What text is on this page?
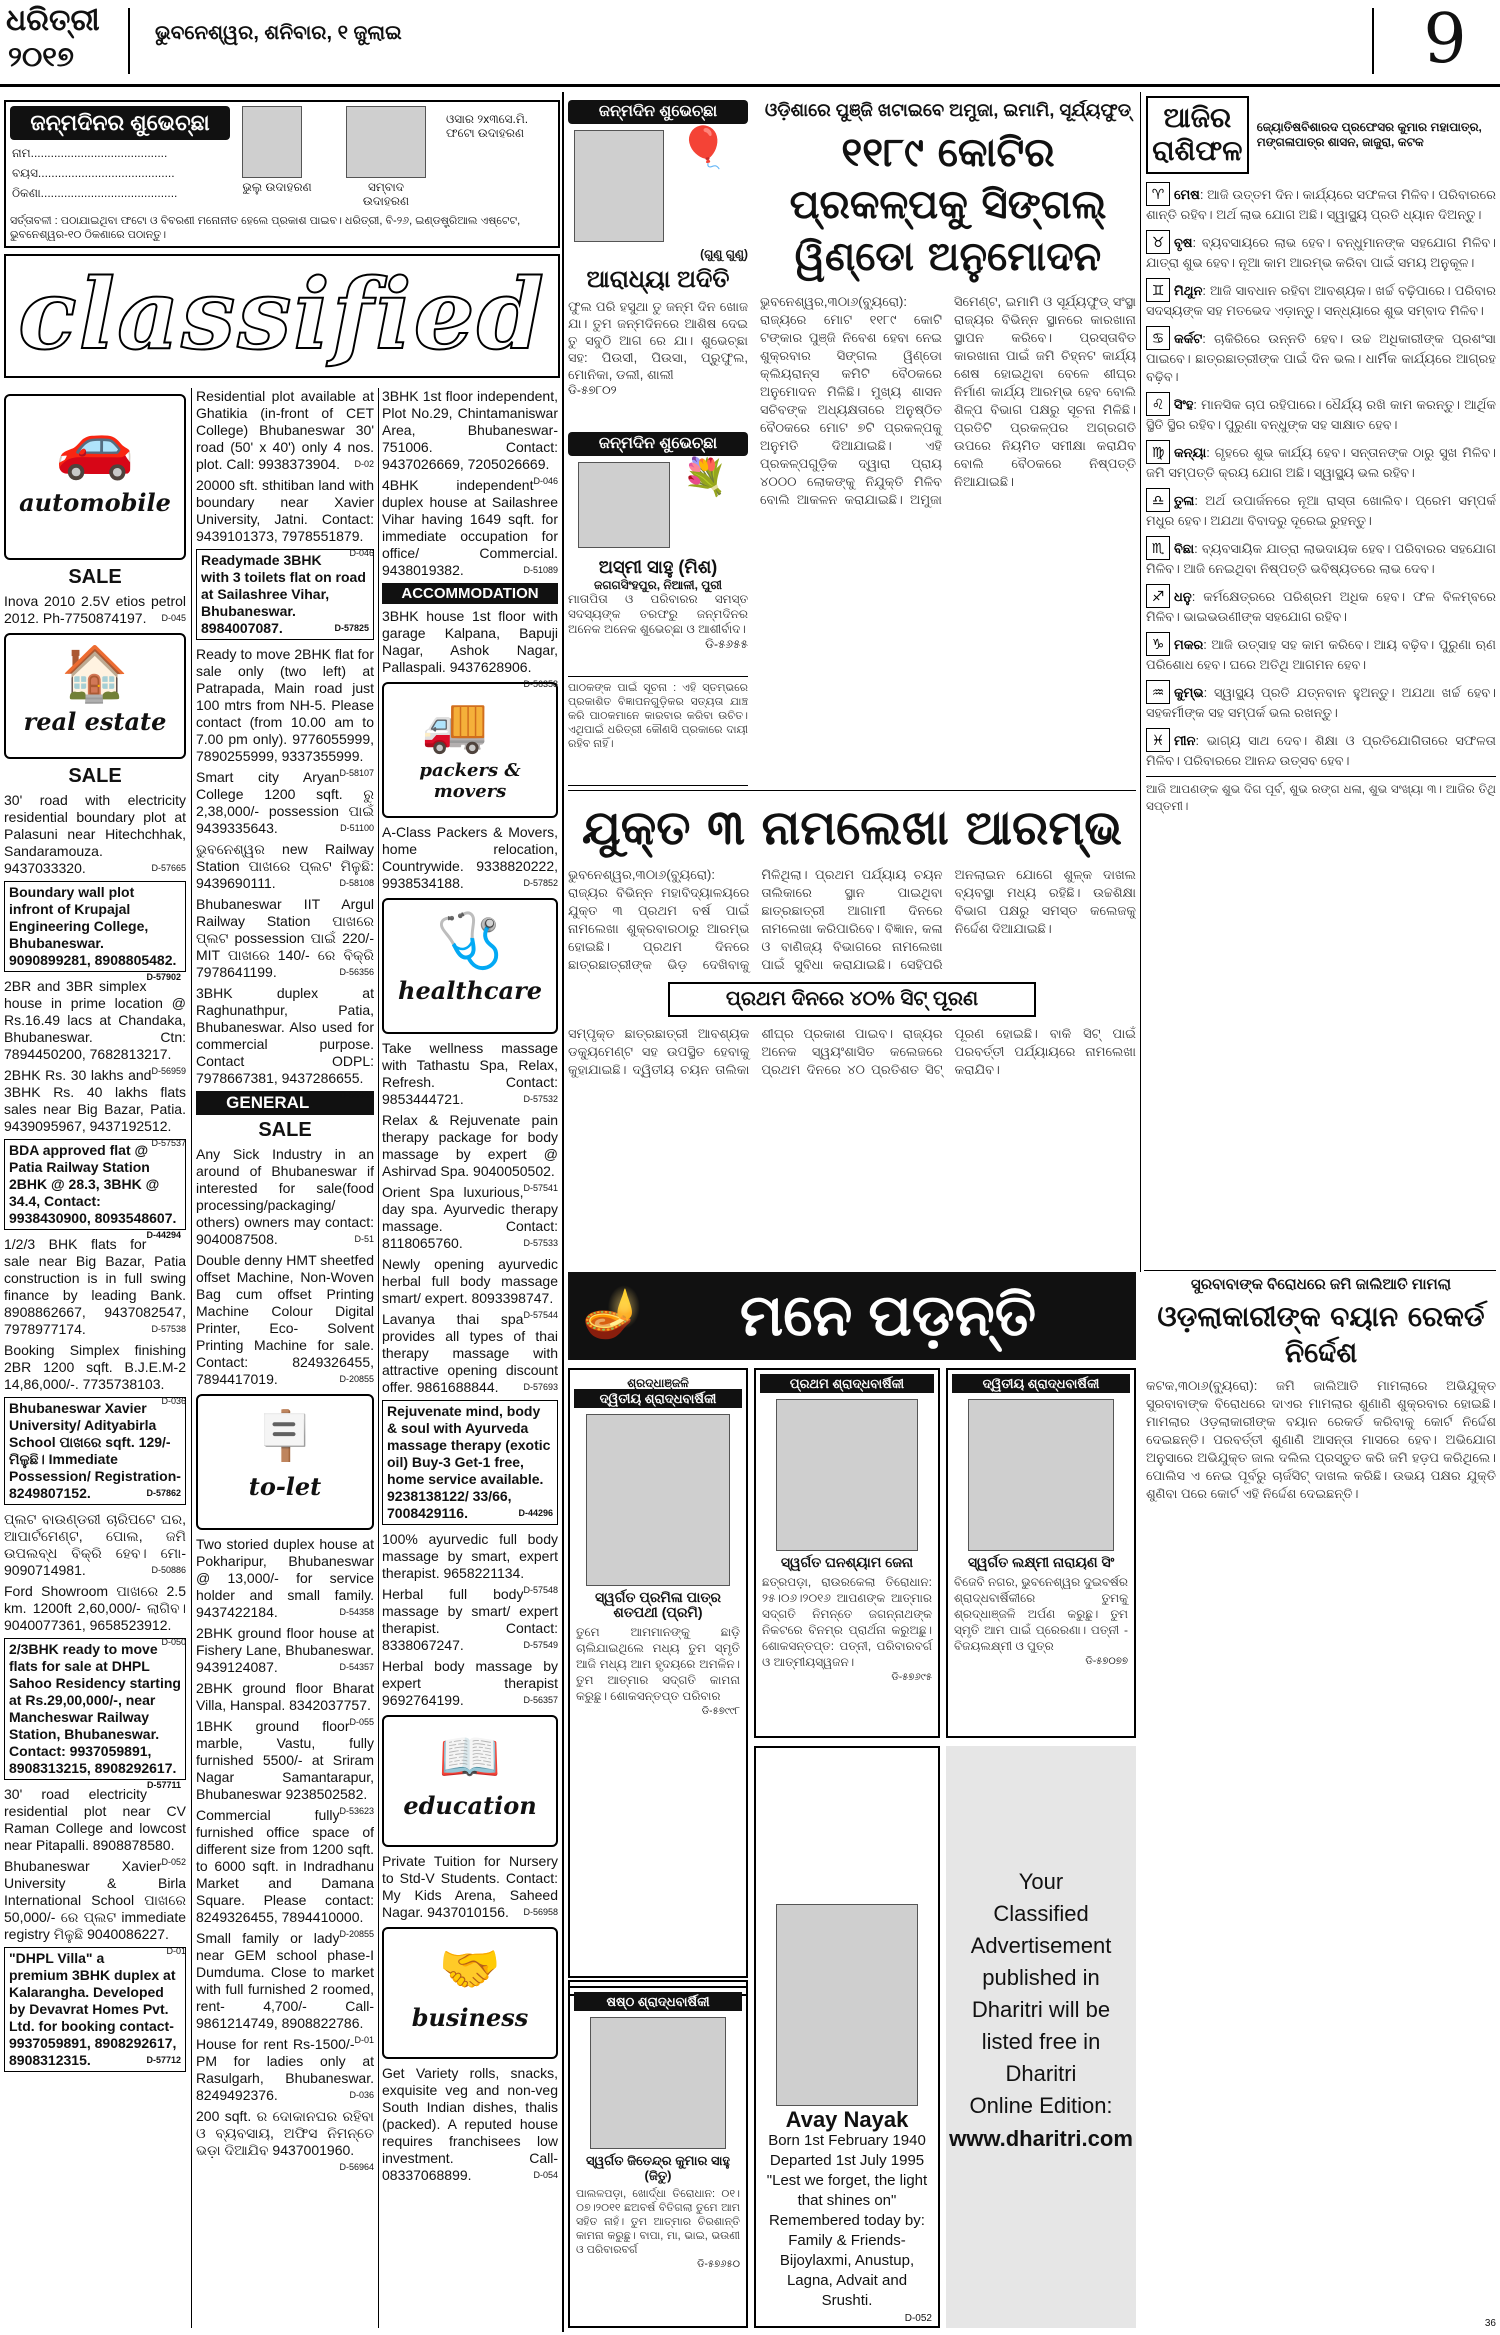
ଧରିତ୍ରୀ
୨୦୧୭
ଭୁବନେଶ୍ୱର, ଶନିବାର, ୧ ଜୁଲାଇ	9
ଜନ୍ମଦିନର ଶୁଭେଚ୍ଛା
ନାମ.........................................
ବୟସ.........................................
ଠିକଣା.........................................	ଭୁଲୁ ଉଦାହରଣ	ସମ୍ବାଦ ଉଦାହରଣ
ଓସାର ୨x୩ସେ.ମି. ଫଟୋ ଉଦାହରଣ
ସର୍ତ୍ତାବଳୀ : ପଠାଯାଇଥିବା ଫଟୋ ଓ ବିବରଣୀ ମନୋନୀତ ହେଲେ ପ୍ରକାଶ ପାଇବ। ଧରିତ୍ରୀ, ବି-୨୬, ଇଣ୍ଡଷ୍ଟ୍ରିଆଲ ଏଷ୍ଟେଟ, ଭୁବନେଶ୍ୱର-୧୦ ଠିକଣାରେ ପଠାନ୍ତୁ।
classified
🚗
automobile
SALE
Inova 2010 2.5V etios petrol 2012. Ph-7750874197. D-045
🏠
real estate
SALE
30' road with electricity residential boundary plot at Palasuni near Hitechchhak, Sandaramouza. 9437033320.	D-57665
Boundary wall plot infront of Krupajal Engineering College, Bhubaneswar. 9090899281, 8908805482.
D-57902
2BR and 3BR simplex house in prime location @ Rs.16.49 lacs at Chandaka, Bhubaneswar. Ctn: 7894450200, 7682813217.
D-56959
2BHK Rs. 30 lakhs and 3BHK Rs. 40 lakhs flats sales near Big Bazar, Patia. 9439095967, 9437192512.
D-57537
BDA approved flat @ Patia Railway Station 2BHK @ 28.3, 3BHK @ 34.4, Contact: 9938430900, 8093548607.
D-44294
1/2/3 BHK flats for sale near Big Bazar, Patia construction is in full swing finance by leading Bank. 8908862667, 9437082547, 7978977174.	D-57538
Booking Simplex finishing 2BR 1200 sqft. B.J.E.M-2 14,86,000/-. 7735738103.
D-036
Bhubaneswar Xavier University/ Adityabirla School ପାଖରେ sqft. 129/- ମିଳୁଛି। Immediate Possession/ Registration- 8249807152.	D-57862
ପ୍ଲଟ ବାଉଣ୍ଡରୀ ଚାରିପଟେ ଘର, ଆପାର୍ଟମେଣ୍ଟ, ପୋଲ, ଜମି ଉପଲବ୍ଧ ବିକ୍ରି ହେବ। ମୋ- 9090714981.	D-50886
Ford Showroom ପାଖରେ 2.5 km. 1200ft 2,60,000/- ଲାଗିବ। 9040077361, 9658523912.
D-050
2/3BHK ready to move flats for sale at DHPL Sahoo Residency starting at Rs.29,00,000/-, near Mancheswar Railway Station, Bhubaneswar. Contact: 9937059891, 8908313215, 8908292617.
D-57711
30' road electricity residential plot near CV Raman College and lowcost near Pitapalli. 8908878580.
D-052
Bhubaneswar Xavier University & Birla International School ପାଖରେ 50,000/- ରେ ପ୍ଲଟ immediate registry ମିଳୁଛି 9040086227.
D-01
"DHPL Villa" a premium 3BHK duplex at Kalarangha. Developed by Devavrat Homes Pvt. Ltd. for booking contact- 9937059891, 8908292617, 8908312315.	D-57712
Residential plot available at Ghatikia (in-front of CET College) Bhubaneswar 30' road (50' x 40') only 4 nos. plot. Call: 9938373904. D-02
20000 sft. sthitiban land with boundary near Xavier University, Jatni. Contact: 9439101373, 7978551879.
D-046
Readymade 3BHK with 3 toilets flat on road at Sailashree Vihar, Bhubaneswar. 8984007087.	D-57825
Ready to move 2BHK flat for sale only (two left) at Patrapada, Main road just 100 mtrs from NH-5. Please contact (from 10.00 am to 7.00 pm only). 9776055999, 7890255999, 9337355999.
D-58107
Smart city Aryan College 1200 sqft. ରୁ 2,38,000/- possession ପାଇଁ 9439335643.	D-51100
ଭୁବନେଶ୍ୱର new Railway Station ପାଖରେ ପ୍ଲଟ ମିଳୁଛି: 9439690111.	D-58108
Bhubaneswar IIT Argul Railway Station ପାଖରେ ପ୍ଲଟ possession ପାଇଁ 220/- MIT ପାଖରେ 140/- ରେ ବିକ୍ରି 7978641199.	D-56356
3BHK duplex at Raghunathpur, Patia, Bhubaneswar. Also used for commercial purpose. Contact ODPL: 7978667381, 9437286655.
D-56963
GENERAL
SALE
Any Sick Industry in an around of Bhubaneswar if interested for sale(food processing/packaging/ others) owners may contact: 9040087508.	D-51
Double denny HMT sheetfed offset Machine, Non-Woven Bag cum offset Printing Machine Colour Digital Printer, Eco- Solvent Printing Machine for sale. Contact: 8249326455, 7894417019.	D-20855
🪧
to-let
Two storied duplex house at Pokharipur, Bhubaneswar @ 13,000/- for service holder and small family. 9437422184.	D-54358
2BHK ground floor house at Fishery Lane, Bhubaneswar. 9439124087.	D-54357
2BHK ground floor Bharat Villa, Hanspal. 8342037757.
D-055
1BHK ground floor marble, Vastu, fully furnished 5500/- at Sriram Nagar Samantarapur, Bhubaneswar 9238502582.
D-53623
Commercial fully furnished office space of different size from 1200 sqft. to 6000 sqft. in Indradhanu Market and Damana Square. Please contact: 8249326455, 7894410000.
D-20855
Small family or lady near GEM school phase-I Dumduma. Close to market with full furnished 2 roomed, rent- 4,700/- Call- 9861214749, 8908822786.
D-01
House for rent Rs-1500/- PM for ladies only at Rasulgarh, Bhubaneswar. 8249492376.	D-036
200 sqft. ର ଦୋକାନଘର ରହିବା ଓ ବ୍ୟବସାୟ, ଅଫିସ ନିମନ୍ତେ ଭଡ଼ା ଦିଆଯିବ 9437001960.
D-56964
3BHK 1st floor independent, Plot No.29, Chintamaniswar Area, Bhubaneswar- 751006. Contact: 9437026669, 7205026669.
D-046
4BHK independent duplex house at Sailashree Vihar having 1649 sqft. for immediate occupation for office/ Commercial. 9438019382.	D-51089
ACCOMMODATION
3BHK house 1st floor with garage Kalpana, Bapuji Nagar, Ashok Nagar, Pallaspali. 9437628906.
D-56358
🚚
packers & movers
A-Class Packers & Movers, home relocation, Countrywide. 9338820222, 9938534188.	D-57852
🩺
healthcare
Take wellness massage with Tathastu Spa, Relax, Refresh. Contact: 9853444721.	D-57532
Relax & Rejuvenate pain therapy package for body massage by expert @ Ashirvad Spa. 9040050502.
D-57541
Orient Spa luxurious, day spa. Ayurvedic therapy massage. Contact: 8118065760.	D-57533
Newly opening ayurvedic herbal full body massage smart/ expert. 8093398747.
D-57544
Lavanya thai spa provides all types of thai therapy massage with attractive opening discount offer. 9861688844.	D-57693
Rejuvenate mind, body & soul with Ayurveda massage therapy (exotic oil) Buy-3 Get-1 free, home service available. 9238138122/ 33/66, 7008429116.	D-44296
100% ayurvedic full body massage by smart, expert therapist. 9658221134.
D-57548
Herbal full body massage by smart/ expert therapist. Contact: 8338067247.	D-57549
Herbal body massage by expert therapist 9692764199.	D-56357
📖
education
Private Tuition for Nursery to Std-V Students. Contact: My Kids Arena, Saheed Nagar. 9437010156. D-56958
🤝
business
Get Variety rolls, snacks, exquisite veg and non-veg South Indian dishes, thalis (packed). A reputed house requires franchisees low investment. Call- 08337068899.	D-054
ଜନ୍ମଦିନ ଶୁଭେଚ୍ଛା
🎈
(ଗୁଣୁ ଗୁଣୁ)
ଆରାଧ୍ୟା ଅଦିତି
ଫୁଲ ପରି ହସୁଥା ତୁ ଜନ୍ମ ଦିନ ଖୋଜ ଯା। ତୁମ ଜନ୍ମଦିନରେ ଆଶିଷ ଦେଇ ତୁ ସବୁଠି ଆଗ ରେ ଯା। ଶୁଭେଚ୍ଛା ସହ: ପିଉସୀ, ପିଉସା, ପ୍ରୁଫୁଲ, ମୋନିକା, ଡଲୀ, ଶାଲୀ
ଡି-୫୭୮୦୨
ଜନ୍ମଦିନ ଶୁଭେଚ୍ଛା
💐
ଅସ୍ମୀ ସାହୁ (ମିଶ)
ଜଗଗସିଂହପୁର, ନିଆଳୀ, ପୁରୀ
ମାତାପିତା ଓ ପରିବାରର ସମସ୍ତ ସଦସ୍ୟଙ୍କ ତରଫରୁ ଜନ୍ମଦିନର ଅନେକ ଅନେକ ଶୁଭେଚ୍ଛା ଓ ଆଶୀର୍ବାଦ।
ଡି-୫୬୫୫
ପାଠକଙ୍କ ପାଇଁ ସୂଚନା : ଏହି ସ୍ତମ୍ଭରେ ପ୍ରକାଶିତ ବିଜ୍ଞାପନଗୁଡ଼ିକର ସତ୍ୟତା ଯାଞ୍ଚ କରି ପାଠକମାନେ କାରବାର କରିବା ଉଚିତ। ଏଥିପାଇଁ ଧରିତ୍ରୀ କୌଣସି ପ୍ରକାରେ ଦାୟୀ ରହିବ ନାହିଁ।
ଓଡ଼ିଶାରେ ପୁଞ୍ଜି ଖଟାଇବେ ଅମୁଜା, ଇମାମି, ସୂର୍ଯ୍ୟଫୁଡ୍
୧୧୮୯ କୋଟିର ପ୍ରକଳ୍ପକୁ ସିଙ୍ଗଲ୍ ୱିଣ୍ଡୋ ଅନୁମୋଦନ
ଭୁବନେଶ୍ୱର,୩୦ା୬(ବ୍ୟୁରୋ): ରାଜ୍ୟରେ ମୋଟ ୧୧୮୯ କୋଟି ଟଙ୍କାର ପୁଞ୍ଜି ନିବେଶ ହେବା ନେଇ ଶୁକ୍ରବାର ସିଙ୍ଗଲ ୱିଣ୍ଡୋ କ୍ଲିୟରାନ୍ସ କମିଟି ବୈଠକରେ ଅନୁମୋଦନ ମିଳିଛି। ମୁଖ୍ୟ ଶାସନ ସଚିବଙ୍କ ଅଧ୍ୟକ୍ଷତାରେ ଅନୁଷ୍ଠିତ ବୈଠକରେ ମୋଟ ୭ଟି ପ୍ରକଳ୍ପକୁ ଅନୁମତି ଦିଆଯାଇଛି। ଏହି ପ୍ରକଳ୍ପଗୁଡ଼ିକ ଦ୍ୱାରା ପ୍ରାୟ ୪୦୦୦ ଲୋକଙ୍କୁ ନିଯୁକ୍ତି ମିଳିବ ବୋଲି ଆକଳନ କରାଯାଇଛି। ଅମୁଜା ସିମେଣ୍ଟ, ଇମାମି ଓ ସୂର୍ଯ୍ୟଫୁଡ୍ ସଂସ୍ଥା ରାଜ୍ୟର ବିଭିନ୍ନ ସ୍ଥାନରେ କାରଖାନା ସ୍ଥାପନ କରିବେ। ପ୍ରସ୍ତାବିତ କାରଖାନା ପାଇଁ ଜମି ଚିହ୍ନଟ କାର୍ଯ୍ୟ ଶେଷ ହୋଇଥିବା ବେଳେ ଶୀଘ୍ର ନିର୍ମାଣ କାର୍ଯ୍ୟ ଆରମ୍ଭ ହେବ ବୋଲି ଶିଳ୍ପ ବିଭାଗ ପକ୍ଷରୁ ସୂଚନା ମିଳିଛି। ପ୍ରତିଟି ପ୍ରକଳ୍ପର ଅଗ୍ରଗତି ଉପରେ ନିୟମିତ ସମୀକ୍ଷା କରାଯିବ ବୋଲି ବୈଠକରେ ନିଷ୍ପତ୍ତି ନିଆଯାଇଛି।
ଯୁକ୍ତ ୩ ନାମଲେଖା ଆରମ୍ଭ
ଭୁବନେଶ୍ୱର,୩୦ା୬(ବ୍ୟୁରୋ): ରାଜ୍ୟର ବିଭିନ୍ନ ମହାବିଦ୍ୟାଳୟରେ ଯୁକ୍ତ ୩ ପ୍ରଥମ ବର୍ଷ ପାଇଁ ନାମଲେଖା ଶୁକ୍ରବାରଠାରୁ ଆରମ୍ଭ ହୋଇଛି। ପ୍ରଥମ ଦିନରେ ଛାତ୍ରଛାତ୍ରୀଙ୍କ ଭିଡ଼ ଦେଖିବାକୁ ମିଳିଥିଲା। ପ୍ରଥମ ପର୍ଯ୍ୟାୟ ଚୟନ ତାଲିକାରେ ସ୍ଥାନ ପାଇଥିବା ଛାତ୍ରଛାତ୍ରୀ ଆଗାମୀ ଦିନରେ ନାମଲେଖା କରିପାରିବେ। ବିଜ୍ଞାନ, କଳା ଓ ବାଣିଜ୍ୟ ବିଭାଗରେ ନାମଲେଖା ପାଇଁ ସୁବିଧା କରାଯାଇଛି। ସେହିପରି ଅନଲାଇନ ଯୋଗେ ଶୁଳ୍କ ଦାଖଲ ବ୍ୟବସ୍ଥା ମଧ୍ୟ ରହିଛି। ଉଚ୍ଚଶିକ୍ଷା ବିଭାଗ ପକ୍ଷରୁ ସମସ୍ତ କଲେଜକୁ ନିର୍ଦ୍ଦେଶ ଦିଆଯାଇଛି।
ପ୍ରଥମ ଦିନରେ ୪୦% ସିଟ୍ ପୂରଣ
ସମ୍ପୃକ୍ତ ଛାତ୍ରଛାତ୍ରୀ ଆବଶ୍ୟକ ଡକ୍ୟୁମେଣ୍ଟ ସହ ଉପସ୍ଥିତ ହେବାକୁ କୁହାଯାଇଛି। ଦ୍ୱିତୀୟ ଚୟନ ତାଲିକା ଶୀଘ୍ର ପ୍ରକାଶ ପାଇବ। ରାଜ୍ୟର ଅନେକ ସ୍ୱୟଂଶାସିତ କଲେଜରେ ପ୍ରଥମ ଦିନରେ ୪୦ ପ୍ରତିଶତ ସିଟ୍ ପୂରଣ ହୋଇଛି। ବାକି ସିଟ୍ ପାଇଁ ପରବର୍ତ୍ତୀ ପର୍ଯ୍ୟାୟରେ ନାମଲେଖା କରାଯିବ।
🪔	ମନେ ପଡ଼ନ୍ତି
ଶ୍ରଦ୍ଧାଞ୍ଜଳି
ଦ୍ୱିତୀୟ ଶ୍ରାଦ୍ଧବାର୍ଷିକୀ
ସ୍ୱର୍ଗତ ପ୍ରମିଳା ପାତ୍ର ଶତପଥୀ (ପ୍ରମି)
ତୁମେ ଆମମାନଙ୍କୁ ଛାଡ଼ି ଚାଲିଯାଇଥିଲେ ମଧ୍ୟ ତୁମ ସ୍ମୃତି ଆଜି ମଧ୍ୟ ଆମ ହୃଦୟରେ ଅମଳିନ। ତୁମ ଆତ୍ମାର ସଦ୍‌ଗତି କାମନା କରୁଛୁ। ଶୋକସନ୍ତପ୍ତ ପରିବାର
ଡି-୫୭୯୯୮
ପ୍ରଥମ ଶ୍ରାଦ୍ଧବାର୍ଷିକୀ
ସ୍ୱର୍ଗତ ଘନଶ୍ୟାମ ଜେନା
ଛତ୍ରପଡ଼ା, ରାଉରକେଲା ତିରୋଧାନ: ୨୫।୦୬।୨୦୧୬ ଆପଣଙ୍କ ଆତ୍ମାର ସଦ୍‌ଗତି ନିମନ୍ତେ ଜଗନ୍ନାଥଙ୍କ ନିକଟରେ ବିନମ୍ର ପ୍ରାର୍ଥନା କରୁଅଛୁ। ଶୋକସନ୍ତପ୍ତ: ପତ୍ନୀ, ପରିବାରବର୍ଗ ଓ ଆତ୍ମୀୟସ୍ୱଜନ।
ଡି-୫୭୬୯୫
ଦ୍ୱିତୀୟ ଶ୍ରାଦ୍ଧବାର୍ଷିକୀ
ସ୍ୱର୍ଗତ ଲକ୍ଷ୍ମୀ ନାରାୟଣ ସିଂ
ବିଜେବି ନଗର, ଭୁବନେଶ୍ୱର ଦୁଇବର୍ଷର ଶ୍ରାଦ୍ଧବାର୍ଷିକୀରେ ତୁମକୁ ଶ୍ରଦ୍ଧାଞ୍ଜଳି ଅର୍ପଣ କରୁଛୁ। ତୁମ ସ୍ମୃତି ଆମ ପାଇଁ ପ୍ରେରଣା। ପତ୍ନୀ - ବିଜୟଲକ୍ଷ୍ମୀ ଓ ପୁତ୍ର
ଡି-୫୭୦୭୭
ଷଷ୍ଠ ଶ୍ରାଦ୍ଧବାର୍ଷିକୀ
ସ୍ୱର୍ଗତ ଜିତେନ୍ଦ୍ର କୁମାର ସାହୁ (ଜିତୁ)
ପାଲଳପଡ଼ା, ଖୋର୍ଦ୍ଧା ତିରୋଧାନ: ୦୧।୦୭।୨୦୧୧ ଛଅବର୍ଷ ବିତିଗଲା ତୁମେ ଆମ ସହିତ ନାହଁ। ତୁମ ଆତ୍ମାର ଚିରଶାନ୍ତି କାମନା କରୁଛୁ। ବାପା, ମା, ଭାଇ, ଭଉଣୀ ଓ ପରିବାରବର୍ଗ
ଡି-୫୭୬୫୦
Avay Nayak
Born 1st February 1940
Departed 1st July 1995
"Lest we forget, the light that shines on"
Remembered today by: Family & Friends- Bijoylaxmi, Anustup, Lagna, Advait and Srushti.
D-052
Your
Classified
Advertisement
published in
Dharitri will be
listed free in
Dharitri
Online Edition:
www.dharitri.com
ଆଜିର ରାଶିଫଳ
ଜ୍ୟୋତିଷବିଶାରଦ ପ୍ରଫେସର କୁମାର ମହାପାତ୍ର, ମଙ୍ଗଳାପାତ୍ର ଶାସନ, ଜାଜୁରା, କଟକ
♈ ମେଷ: ଆଜି ଉତ୍ତମ ଦିନ। କାର୍ଯ୍ୟରେ ସଫଳତା ମିଳିବ। ପରିବାରରେ ଶାନ୍ତି ରହିବ। ଅର୍ଥ ଲାଭ ଯୋଗ ଅଛି। ସ୍ୱାସ୍ଥ୍ୟ ପ୍ରତି ଧ୍ୟାନ ଦିଅନ୍ତୁ।
♉ ବୃଷ: ବ୍ୟବସାୟରେ ଲାଭ ହେବ। ବନ୍ଧୁମାନଙ୍କ ସହଯୋଗ ମିଳିବ। ଯାତ୍ରା ଶୁଭ ହେବ। ନୂଆ କାମ ଆରମ୍ଭ କରିବା ପାଇଁ ସମୟ ଅନୁକୂଳ।
♊ ମିଥୁନ: ଆଜି ସାବଧାନ ରହିବା ଆବଶ୍ୟକ। ଖର୍ଚ୍ଚ ବଢ଼ିପାରେ। ପରିବାର ସଦସ୍ୟଙ୍କ ସହ ମତଭେଦ ଏଡ଼ାନ୍ତୁ। ସନ୍ଧ୍ୟାରେ ଶୁଭ ସମ୍ବାଦ ମିଳିବ।
♋ କର୍କଟ: ଚାକିରିରେ ଉନ୍ନତି ହେବ। ଉଚ୍ଚ ଅଧିକାରୀଙ୍କ ପ୍ରଶଂସା ପାଇବେ। ଛାତ୍ରଛାତ୍ରୀଙ୍କ ପାଇଁ ଦିନ ଭଲ। ଧାର୍ମିକ କାର୍ଯ୍ୟରେ ଆଗ୍ରହ ବଢ଼ିବ।
♌ ସିଂହ: ମାନସିକ ଚାପ ରହିପାରେ। ଧୈର୍ଯ୍ୟ ରଖି କାମ କରନ୍ତୁ। ଆର୍ଥିକ ସ୍ଥିତି ସ୍ଥିର ରହିବ। ପୁରୁଣା ବନ୍ଧୁଙ୍କ ସହ ସାକ୍ଷାତ ହେବ।
♍ କନ୍ୟା: ଗୃହରେ ଶୁଭ କାର୍ଯ୍ୟ ହେବ। ସନ୍ତାନଙ୍କ ଠାରୁ ସୁଖ ମିଳିବ। ଜମି ସମ୍ପତ୍ତି କ୍ରୟ ଯୋଗ ଅଛି। ସ୍ୱାସ୍ଥ୍ୟ ଭଲ ରହିବ।
♎ ତୁଳା: ଅର୍ଥ ଉପାର୍ଜନରେ ନୂଆ ରାସ୍ତା ଖୋଲିବ। ପ୍ରେମ ସମ୍ପର୍କ ମଧୁର ହେବ। ଅଯଥା ବିବାଦରୁ ଦୂରେଇ ରୁହନ୍ତୁ।
♏ ବିଛା: ବ୍ୟବସାୟିକ ଯାତ୍ରା ଲାଭଦାୟକ ହେବ। ପରିବାରର ସହଯୋଗ ମିଳିବ। ଆଜି ନେଇଥିବା ନିଷ୍ପତ୍ତି ଭବିଷ୍ୟତରେ ଲାଭ ଦେବ।
♐ ଧନୁ: କର୍ମକ୍ଷେତ୍ରରେ ପରିଶ୍ରମ ଅଧିକ ହେବ। ଫଳ ବିଳମ୍ବରେ ମିଳିବ। ଭାଇଭଉଣୀଙ୍କ ସହଯୋଗ ରହିବ।
♑ ମକର: ଆଜି ଉତ୍ସାହ ସହ କାମ କରିବେ। ଆୟ ବଢ଼ିବ। ପୁରୁଣା ଋଣ ପରିଶୋଧ ହେବ। ଘରେ ଅତିଥି ଆଗମନ ହେବ।
♒ କୁମ୍ଭ: ସ୍ୱାସ୍ଥ୍ୟ ପ୍ରତି ଯତ୍ନବାନ ହୁଅନ୍ତୁ। ଅଯଥା ଖର୍ଚ୍ଚ ହେବ। ସହକର୍ମୀଙ୍କ ସହ ସମ୍ପର୍କ ଭଲ ରଖନ୍ତୁ।
♓ ମୀନ: ଭାଗ୍ୟ ସାଥ ଦେବ। ଶିକ୍ଷା ଓ ପ୍ରତିଯୋଗିତାରେ ସଫଳତା ମିଳିବ। ପରିବାରରେ ଆନନ୍ଦ ଉତ୍ସବ ହେବ।
ଆଜି ଆପଣଙ୍କ ଶୁଭ ଦିଗ ପୂର୍ବ, ଶୁଭ ରଙ୍ଗ ଧଳା, ଶୁଭ ସଂଖ୍ୟା ୩। ଆଜିର ତିଥି ସପ୍ତମୀ।
ସୁରବାବାଙ୍କ ବିରୋଧରେ ଜମି ଜାଲିଆତି ମାମଲା
ଓଡ଼ଲାକାରୀଙ୍କ ବୟାନ ରେକର୍ଡ ନିର୍ଦ୍ଦେଶ
କଟକ,୩୦ା୬(ବ୍ୟୁରୋ): ଜମି ଜାଲିଆତି ମାମଲାରେ ଅଭିଯୁକ୍ତ ସୁରବାବାଙ୍କ ବିରୋଧରେ ଦାଏର ମାମଲାର ଶୁଣାଣି ଶୁକ୍ରବାର ହୋଇଛି। ମାମଲାର ଓଡ଼ଲାକାରୀଙ୍କ ବୟାନ ରେକର୍ଡ କରିବାକୁ କୋର୍ଟ ନିର୍ଦ୍ଦେଶ ଦେଇଛନ୍ତି। ପରବର୍ତ୍ତୀ ଶୁଣାଣି ଆସନ୍ତା ମାସରେ ହେବ। ଅଭିଯୋଗ ଅନୁସାରେ ଅଭିଯୁକ୍ତ ଜାଲ ଦଲିଲ ପ୍ରସ୍ତୁତ କରି ଜମି ହଡ଼ପ କରିଥିଲେ। ପୋଲିସ ଏ ନେଇ ପୂର୍ବରୁ ଚାର୍ଜସିଟ୍ ଦାଖଲ କରିଛି। ଉଭୟ ପକ୍ଷର ଯୁକ୍ତି ଶୁଣିବା ପରେ କୋର୍ଟ ଏହି ନିର୍ଦ୍ଦେଶ ଦେଇଛନ୍ତି।
36
